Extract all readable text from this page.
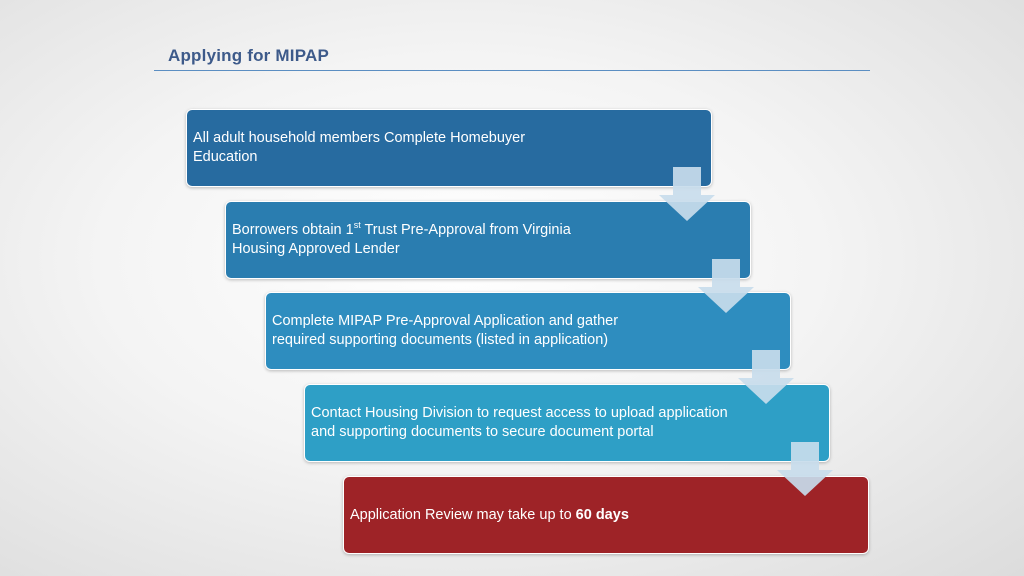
Applying for MIPAP
All adult household members Complete Homebuyer Education
Borrowers obtain 1st Trust Pre-Approval from Virginia Housing Approved Lender
Complete MIPAP Pre-Approval Application and gather required supporting documents (listed in application)
Contact Housing Division to request access to upload application and supporting documents to secure document portal
Application Review may take up to 60 days
